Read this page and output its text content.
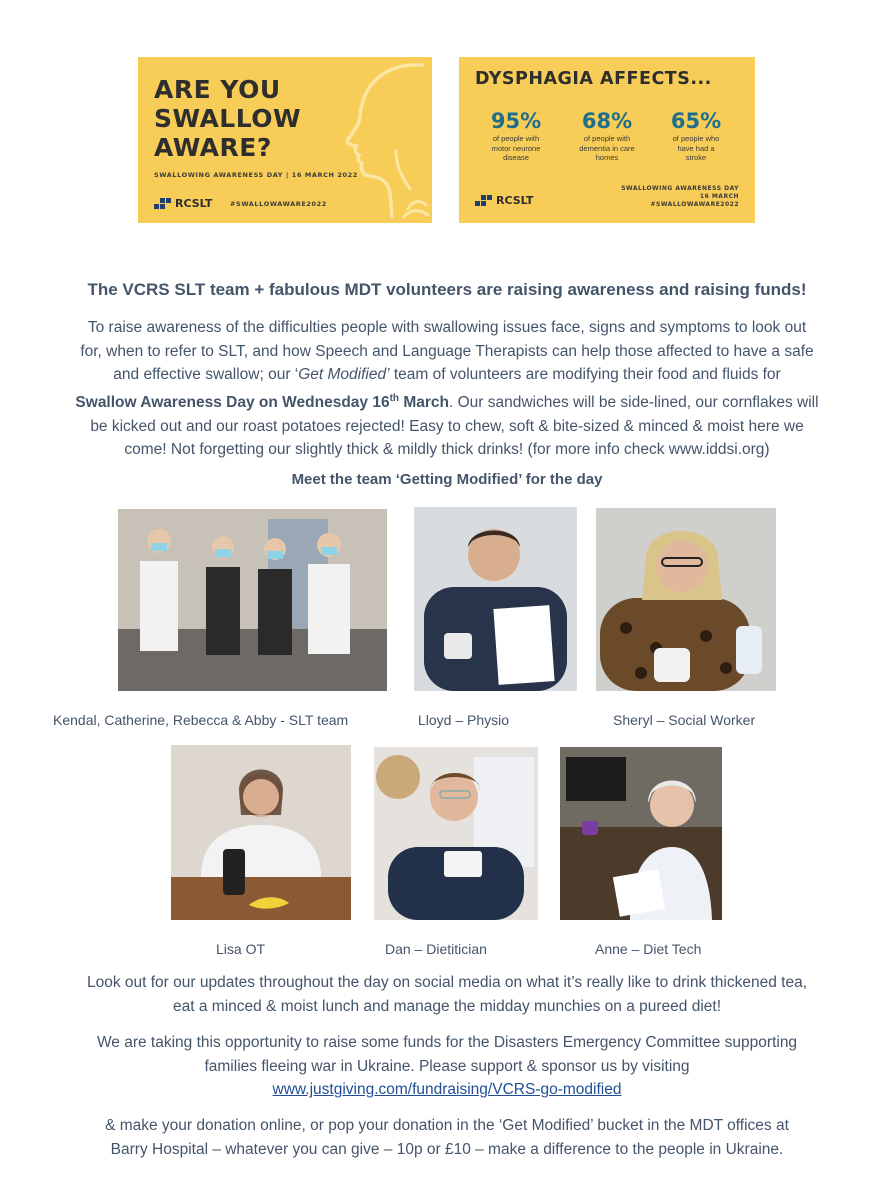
ARE YOU
SWALLOW
AWARE?
SWALLOWING AWARENESS DAY | 16 MARCH 2022
RCSLT	#SWALLOWAWARE2022
DYSPHAGIA AFFECTS...
95%
of people with
motor neurone
disease
68%
of people with
dementia in care
homes
65%
of people who
have had a
stroke
RCSLT
SWALLOWING AWARENESS DAY
16 MARCH
#SWALLOWAWARE2022
The VCRS SLT team + fabulous MDT volunteers are raising awareness and raising funds!
To raise awareness of the difficulties people with swallowing issues face, signs and symptoms to look out
for, when to refer to SLT, and how Speech and Language Therapists can help those affected to have a safe
and effective swallow; our ‘Get Modified’ team of volunteers are modifying their food and fluids for
Swallow Awareness Day on Wednesday 16th March. Our sandwiches will be side-lined, our cornflakes will
be kicked out and our roast potatoes rejected! Easy to chew, soft & bite-sized & minced & moist here we
come! Not forgetting our slightly thick & mildly thick drinks! (for more info check www.iddsi.org)
Meet the team ‘Getting Modified’ for the day
Kendal, Catherine, Rebecca & Abby - SLT team	Lloyd – Physio	Sheryl – Social Worker
Lisa OT	Dan – Dietitician	Anne – Diet Tech
Look out for our updates throughout the day on social media on what it’s really like to drink thickened tea,
eat a minced & moist lunch and manage the midday munchies on a pureed diet!
We are taking this opportunity to raise some funds for the Disasters Emergency Committee supporting
families fleeing war in Ukraine. Please support & sponsor us by visiting
www.justgiving.com/fundraising/VCRS-go-modified
& make your donation online, or pop your donation in the ‘Get Modified’ bucket in the MDT offices at
Barry Hospital – whatever you can give – 10p or £10 – make a difference to the people in Ukraine.
